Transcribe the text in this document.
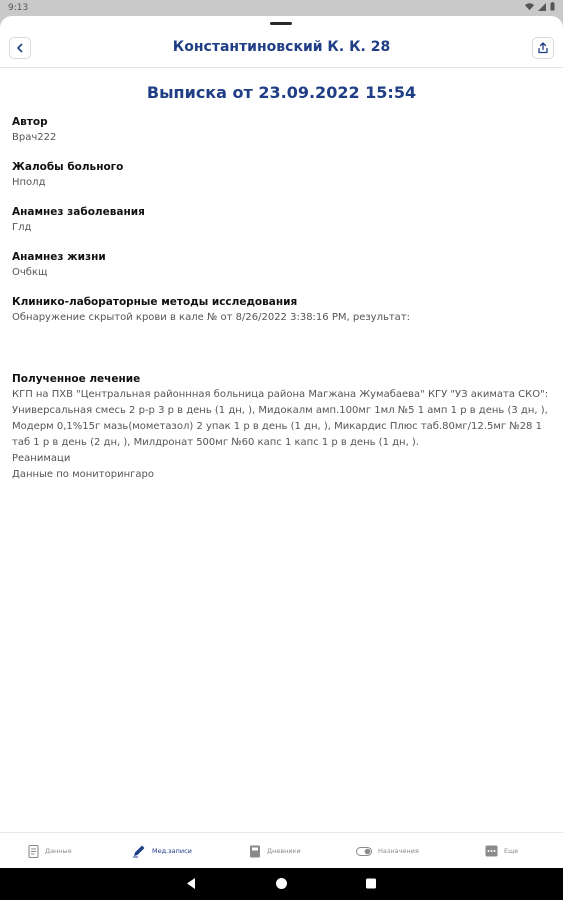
9:13

Константиновский К. К. 28
Выписка от 23.09.2022 15:54
Автор
Врач222
Жалобы больного
Нполд
Анамнез заболевания
Глд
Анамнез жизни
Очбкщ
Клинико-лабораторные методы исследования
Обнаружение скрытой крови в кале № от 8/26/2022 3:38:16 PM, результат:
Полученное лечение
КГП на ПХВ "Центральная районнная больница района Магжана Жумабаева" КГУ "УЗ акимата СКО":
Универсальная смесь 2 р-р 3 р в день (1 дн, ), Мидокалм амп.100мг 1мл №5 1 амп 1 р в день (3 дн, ), Модерм 0,1%15г мазь(мометазол) 2 упак 1 р в день (1 дн, ), Микардис Плюс таб.80мг/12.5мг №28 1 таб 1 р в день (2 дн, ), Милдронат 500мг №60 капс 1 капс 1 р в день (1 дн, ).
Реанимаци
Данные по мониторингаро
Данные	Мед.записи	Дневники	Назначения	Еще
